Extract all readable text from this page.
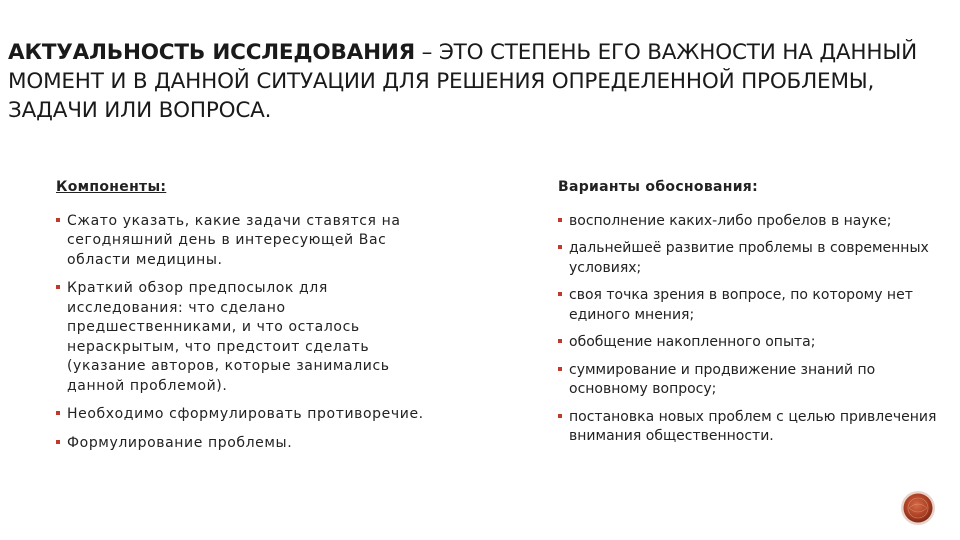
АКТУАЛЬНОСТЬ ИССЛЕДОВАНИЯ – ЭТО СТЕПЕНЬ ЕГО ВАЖНОСТИ НА ДАННЫЙ МОМЕНТ И В ДАННОЙ СИТУАЦИИ ДЛЯ РЕШЕНИЯ ОПРЕДЕЛЕННОЙ ПРОБЛЕМЫ, ЗАДАЧИ ИЛИ ВОПРОСА.
Компоненты:
Сжато указать, какие задачи ставятся на сегодняшний день в интересующей Вас области медицины.
Краткий обзор предпосылок для исследования: что сделано предшественниками, и что осталось нераскрытым, что предстоит сделать (указание авторов, которые занимались данной проблемой).
Необходимо сформулировать противоречие.
Формулирование проблемы.
Варианты обоснования:
восполнение каких-либо пробелов в науке;
дальнейшеё развитие проблемы в современных условиях;
своя точка зрения в вопросе, по которому нет единого мнения;
обобщение накопленного опыта;
суммирование и продвижение знаний по основному вопросу;
постановка новых проблем с целью привлечения внимания общественности.
